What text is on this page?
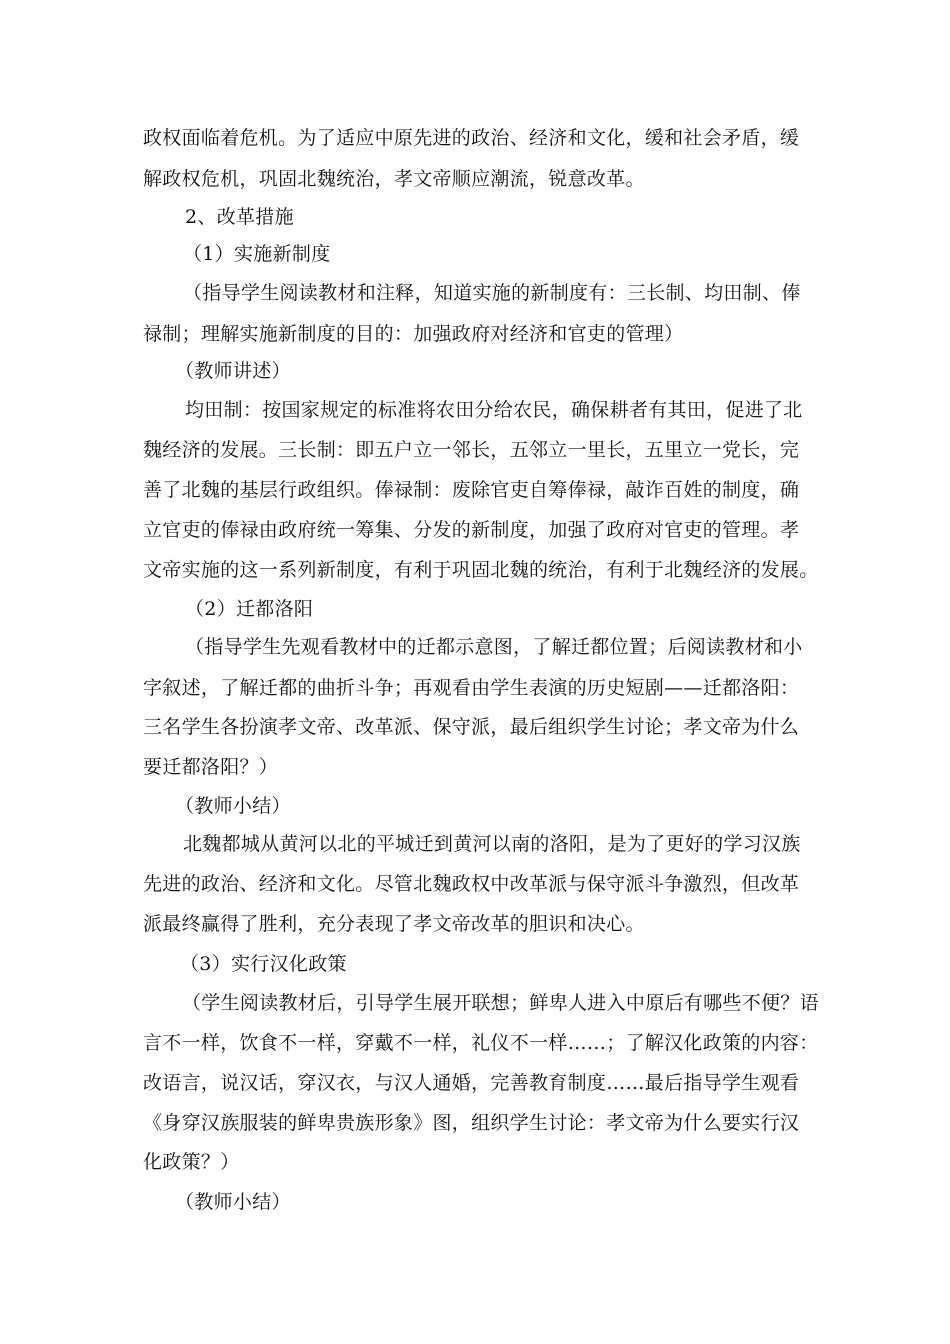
政权面临着危机。为了适应中原先进的政治、经济和文化，缓和社会矛盾，缓
解政权危机，巩固北魏统治，孝文帝顺应潮流，锐意改革。
2、改革措施
（1）实施新制度
（指导学生阅读教材和注释，知道实施的新制度有：三长制、均田制、俸
禄制；理解实施新制度的目的：加强政府对经济和官吏的管理）
（教师讲述）
均田制：按国家规定的标准将农田分给农民，确保耕者有其田，促进了北
魏经济的发展。三长制：即五户立一邻长，五邻立一里长，五里立一党长，完
善了北魏的基层行政组织。俸禄制：废除官吏自筹俸禄，敲诈百姓的制度，确
立官吏的俸禄由政府统一筹集、分发的新制度，加强了政府对官吏的管理。孝
文帝实施的这一系列新制度，有利于巩固北魏的统治，有利于北魏经济的发展。
（2）迁都洛阳
（指导学生先观看教材中的迁都示意图，了解迁都位置；后阅读教材和小
字叙述，了解迁都的曲折斗争；再观看由学生表演的历史短剧——迁都洛阳：
三名学生各扮演孝文帝、改革派、保守派，最后组织学生讨论；孝文帝为什么
要迁都洛阳？）
（教师小结）
北魏都城从黄河以北的平城迁到黄河以南的洛阳，是为了更好的学习汉族
先进的政治、经济和文化。尽管北魏政权中改革派与保守派斗争激烈，但改革
派最终赢得了胜利，充分表现了孝文帝改革的胆识和决心。
（3）实行汉化政策
（学生阅读教材后，引导学生展开联想；鲜卑人进入中原后有哪些不便？语
言不一样，饮食不一样，穿戴不一样，礼仪不一样……；了解汉化政策的内容：
改语言，说汉话，穿汉衣，与汉人通婚，完善教育制度……最后指导学生观看
《身穿汉族服装的鲜卑贵族形象》图，组织学生讨论：孝文帝为什么要实行汉
化政策？）
（教师小结）
